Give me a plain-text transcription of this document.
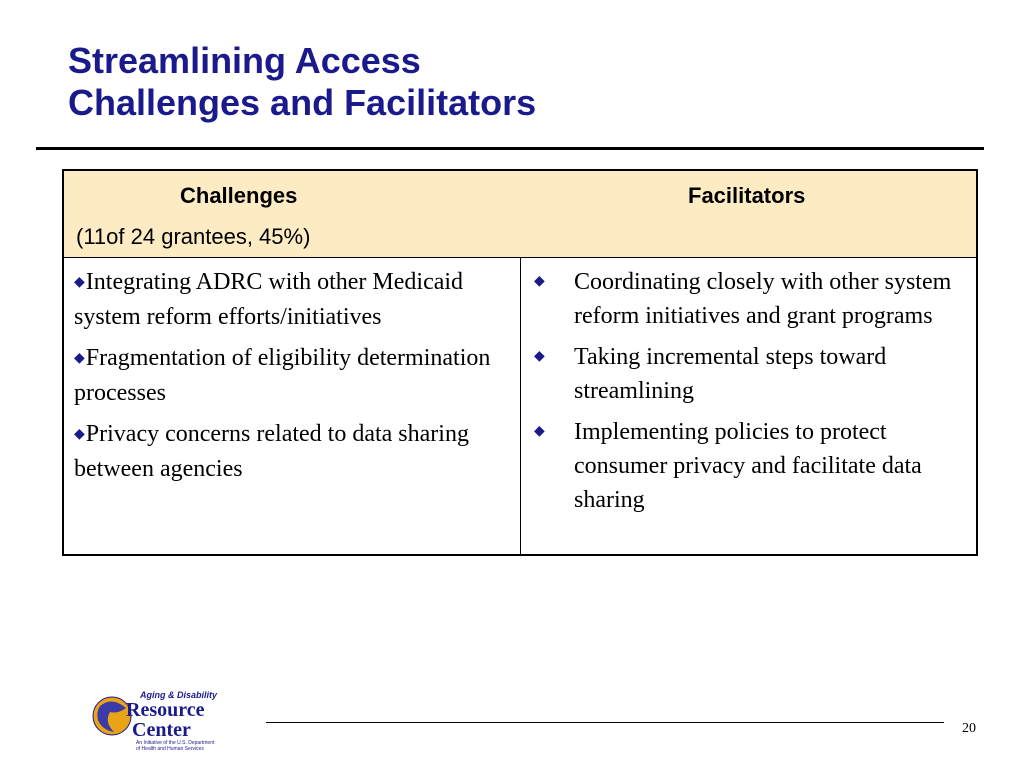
Streamlining Access
Challenges and Facilitators
Challenges	Facilitators
(11of 24 grantees, 45%)
◆Integrating ADRC with other Medicaid system reform efforts/initiatives
◆Fragmentation of eligibility determination processes
◆Privacy concerns related to data sharing between agencies
◆ Coordinating closely with other system reform initiatives and grant programs
◆ Taking incremental steps toward streamlining
◆ Implementing policies to protect consumer privacy and facilitate data sharing
Aging & Disability
Resource
Center
An Initiative of the U.S. Department of Health and Human Services
20
